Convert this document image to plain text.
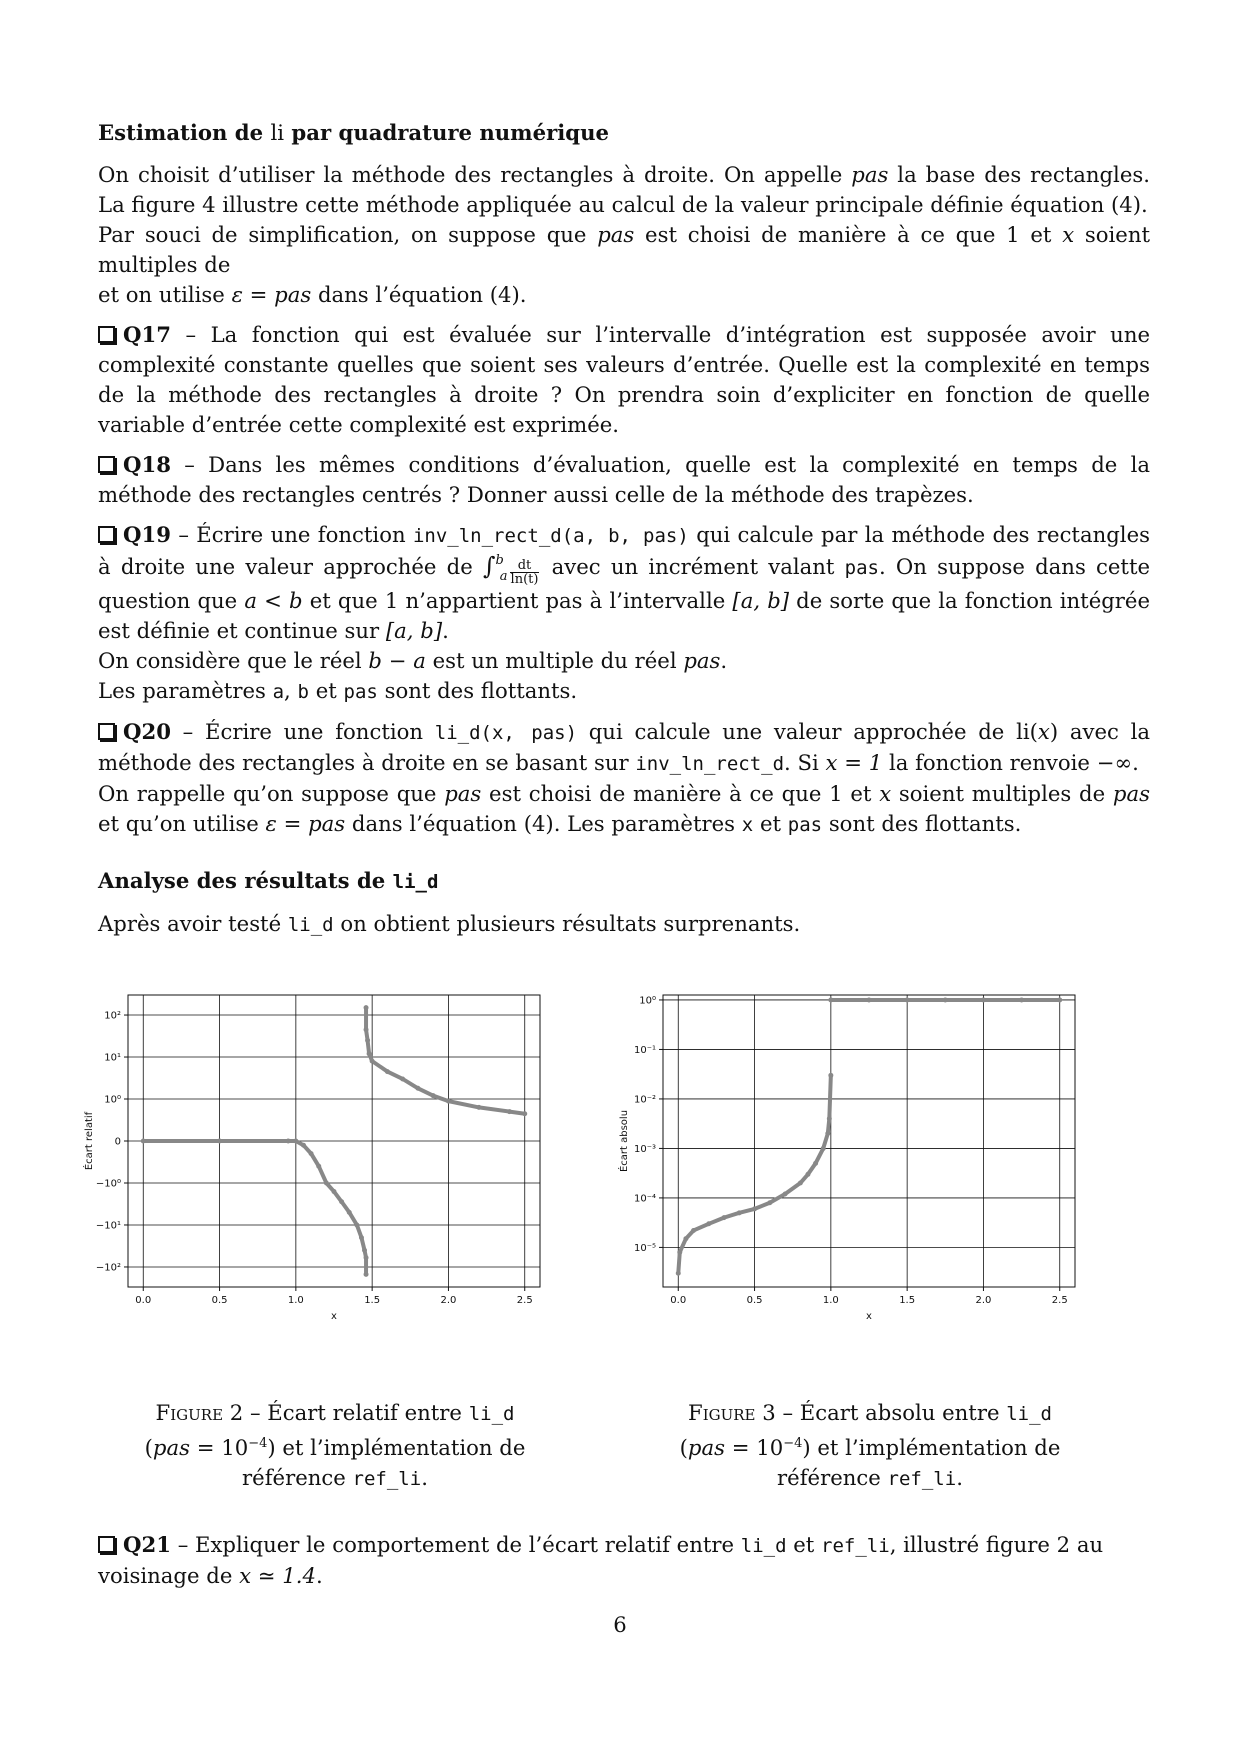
Estimation de li par quadrature numérique

On choisit d’utiliser la méthode des rectangles à droite. On appelle pas la base des rectangles. La figure 4 illustre cette méthode appliquée au calcul de la valeur principale définie équation (4).
Par souci de simplification, on suppose que pas est choisi de manière à ce que 1 et x soient multiples de
et on utilise ε = pas dans l’équation (4).

Q17 – La fonction qui est évaluée sur l’intervalle d’intégration est supposée avoir une complexité constante quelles que soient ses valeurs d’entrée. Quelle est la complexité en temps de la méthode des rectangles à droite ? On prendra soin d’expliciter en fonction de quelle variable d’entrée cette complexité est exprimée.

Q18 – Dans les mêmes conditions d’évaluation, quelle est la complexité en temps de la méthode des rectangles centrés ? Donner aussi celle de la méthode des trapèzes.

Q19 – Écrire une fonction inv_ln_rect_d(a, b, pas) qui calcule par la méthode des rectangles à droite une valeur approchée de $\int^b_a \frac{dt}{\ln(t)}$ avec un incrément valant pas. On suppose dans cette question que a < b et que 1 n’appartient pas à l’intervalle [a, b] de sorte que la fonction intégrée est définie et continue sur [a, b].
On considère que le réel b − a est un multiple du réel pas.
Les paramètres a, b et pas sont des flottants.

Q20 – Écrire une fonction li_d(x, pas) qui calcule une valeur approchée de li(x) avec la méthode des rectangles à droite en se basant sur inv_ln_rect_d. Si x = 1 la fonction renvoie −∞.
On rappelle qu’on suppose que pas est choisi de manière à ce que 1 et x soient multiples de pas et qu’on utilise ε = pas dans l’équation (4). Les paramètres x et pas sont des flottants.

Analyse des résultats de li_d

Après avoir testé li_d on obtient plusieurs résultats surprenants.

0.0	0.5	1.0	1.5	2.0	2.5
10²
10¹
10⁰
0
−10⁰
−10¹
−10²
x
Écart relatif
0.0	0.5	1.0	1.5	2.0	2.5
10⁰
10⁻¹
10⁻²
10⁻³
10⁻⁴
10⁻⁵
x
Écart absolu
Figure 2 – Écart relatif entre li_d
$(pas = 10^{-4})$ et l’implémentation de
référence ref_li.
Figure 3 – Écart absolu entre li_d
$(pas = 10^{-4})$ et l’implémentation de
référence ref_li.
Q21 – Expliquer le comportement de l’écart relatif entre li_d et ref_li, illustré figure 2 au voisinage de x ≃ 1.4.
6
